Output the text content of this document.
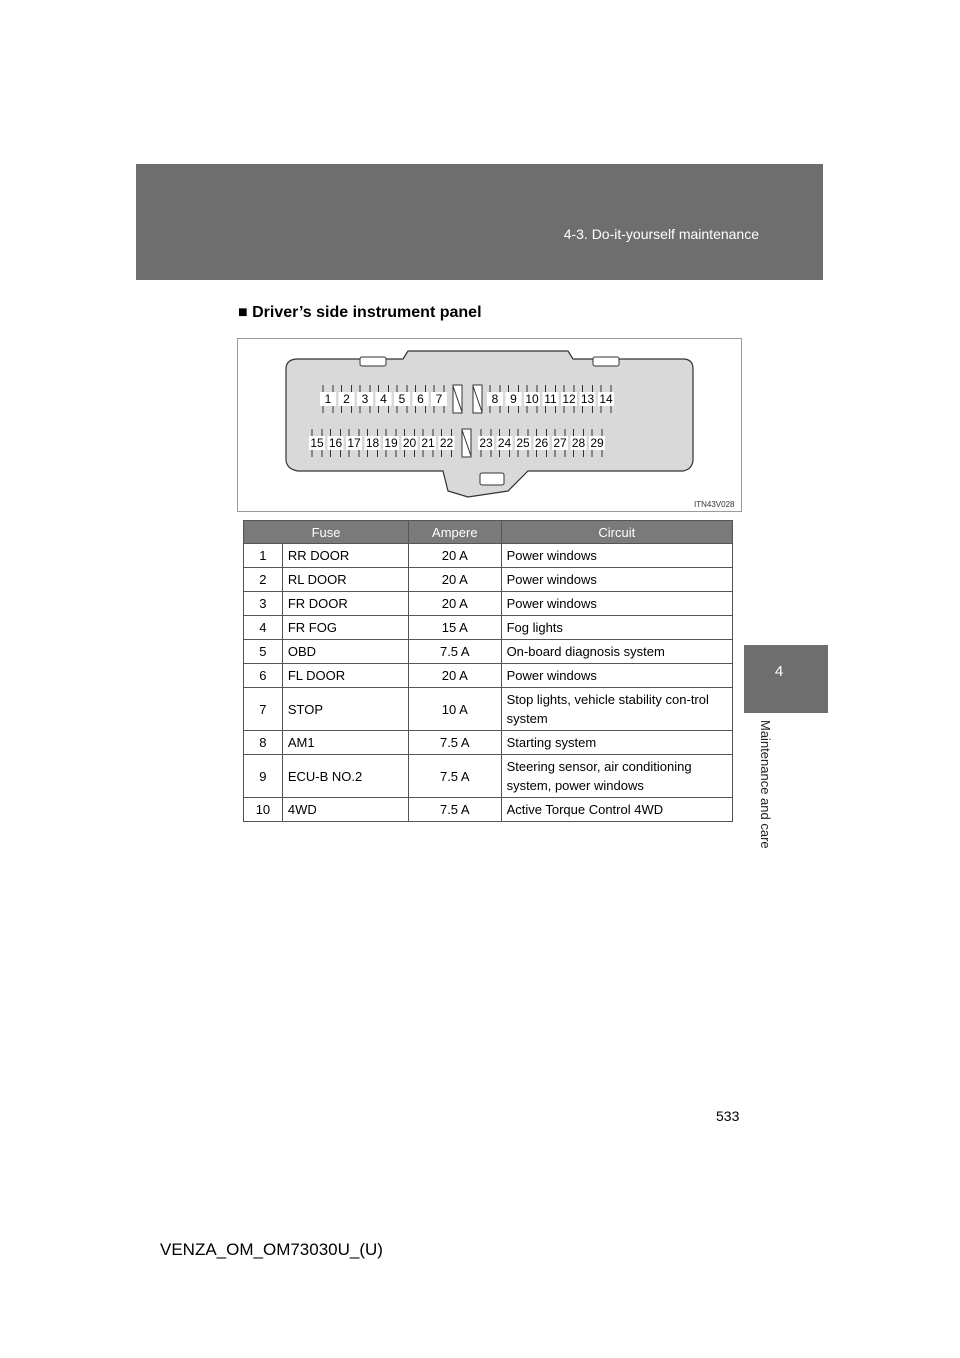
4-3. Do-it-yourself maintenance
4
Maintenance and care
■ Driver’s side instrument panel
1 2 3 4 5 6 7	8 9 10 11 12 13 14
15 16 17 18 19 20 21 22 23 24 25 26 27 28 29
ITN43V028
Fuse		Ampere	Circuit
1	RR DOOR	20 A	Power windows
2	RL DOOR	20 A	Power windows
3	FR DOOR	20 A	Power windows
4	FR FOG	15 A	Fog lights
5	OBD	7.5 A	On-board diagnosis system
6	FL DOOR	20 A	Power windows
7	STOP	10 A	Stop lights, vehicle stability con-trol system
8	AM1	7.5 A	Starting system
9	ECU-B NO.2	7.5 A	Steering sensor, air conditioning system, power windows
10	4WD	7.5 A	Active Torque Control 4WD
533
VENZA_OM_OM73030U_(U)
